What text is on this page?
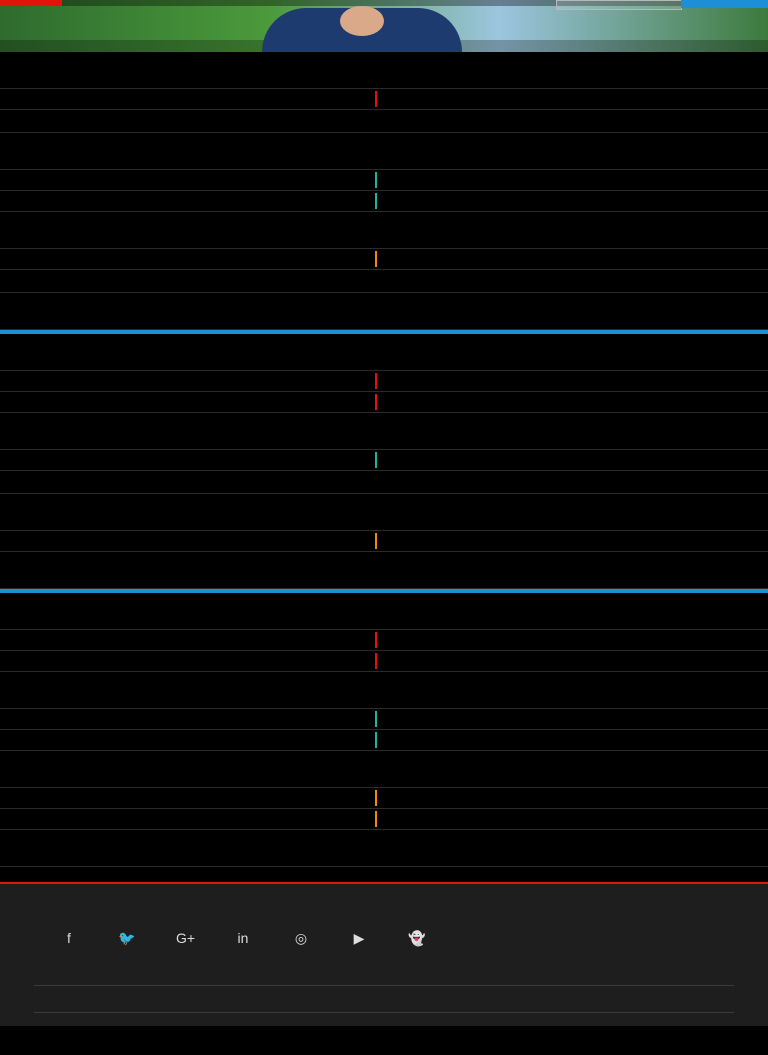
f	🐦	G+	in	◎	▶	👻
